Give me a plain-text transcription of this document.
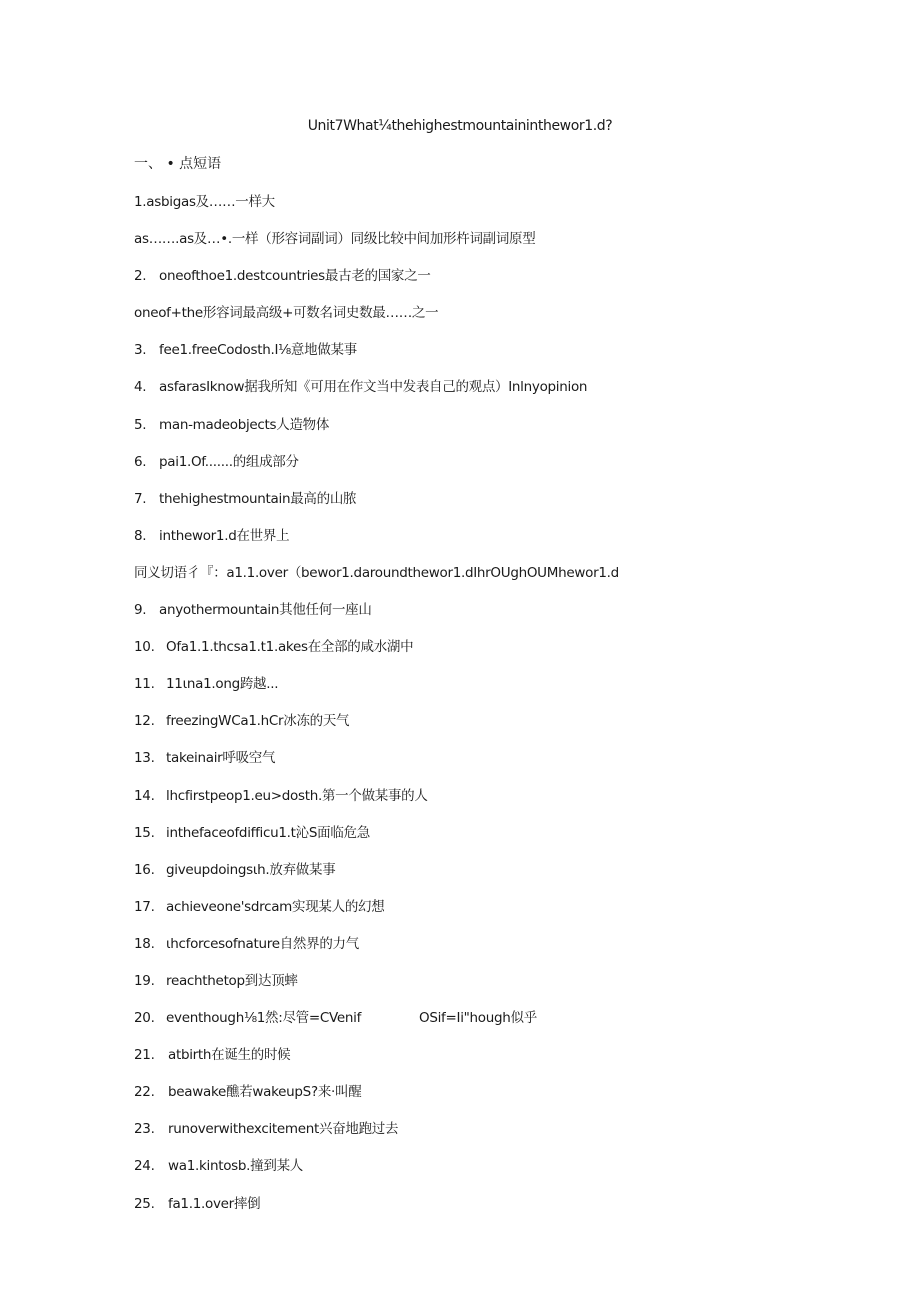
Unit7What¼thehighestmountaininthewor1.d?
一、 • 点短语
1.asbigas及……一样大
as…….as及…•.一样（形容词副词）同级比较中间加形杵词副词原型
2. oneofthoe1.destcountries最古老的国家之一
oneof+the形容词最高级+可数名词史数最……之一
3. fee1.freeCodosth.I⅛意地做某事
4. asfarasIknow据我所知《可用在作文当中发表自己的观点）Inlnyopinion
5. man-madeobjects人造物体
6. pai1.Of.......的组成部分
7. thehighestmountain最高的山脓
8. inthewor1.d在世界上
同义切语彳『：a1.1.over（bewor1.daroundthewor1.dIhrOUghOUMhewor1.d
9. anyothermountain其他任何一座山
10. Ofa1.1.thcsa1.t1.akes在全部的咸水湖中
11. 11ιna1.ong跨越...
12. freezingWCa1.hCr冰冻的天气
13. takeinair呼吸空气
14. lhcfirstpeop1.eu>dosth.第一个做某事的人
15. inthefaceofdifficu1.t沁S面临危急
16. giveupdoingsιh.放弃做某事
17. achieveone'sdrcam实现某人的幻想
18. ιhcforcesofnature自然界的力气
19. reachthetop到达顶蟀
20. eventhough⅛1然:尽管=CVenif	OSif=Ii"hough似乎
21. atbirth在诞生的时候
22. beawake醮若wakeupS?来·叫醒
23. runoverwithexcitement兴奋地跑过去
24. wa1.kintosb.撞到某人
25. fa1.1.over摔倒
